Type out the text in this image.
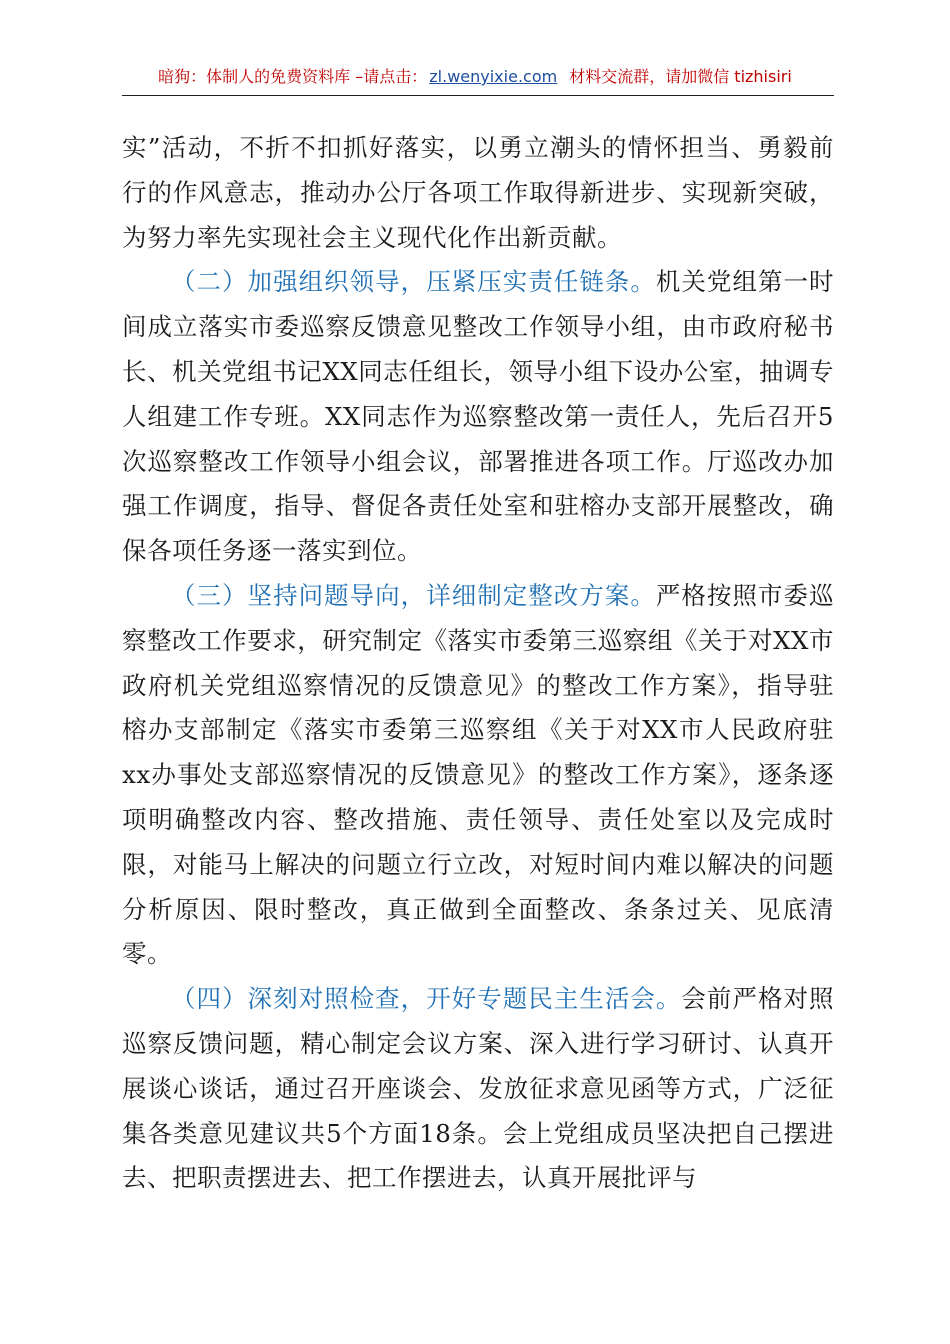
暗狗：体制人的免费资料库 –请点击： zl.wenyixie.com 材料交流群，请加微信 tizhisiri

实”活动，不折不扣抓好落实，以勇立潮头的情怀担当、勇毅前行的作风意志，推动办公厅各项工作取得新进步、实现新突破，为努力率先实现社会主义现代化作出新贡献。

（二）加强组织领导，压紧压实责任链条。机关党组第一时间成立落实市委巡察反馈意见整改工作领导小组，由市政府秘书长、机关党组书记XX同志任组长，领导小组下设办公室，抽调专人组建工作专班。XX同志作为巡察整改第一责任人，先后召开5次巡察整改工作领导小组会议，部署推进各项工作。厅巡改办加强工作调度，指导、督促各责任处室和驻榕办支部开展整改，确保各项任务逐一落实到位。

（三）坚持问题导向，详细制定整改方案。严格按照市委巡察整改工作要求，研究制定《落实市委第三巡察组《关于对XX市政府机关党组巡察情况的反馈意见》的整改工作方案》，指导驻榕办支部制定《落实市委第三巡察组《关于对XX市人民政府驻xx办事处支部巡察情况的反馈意见》的整改工作方案》，逐条逐项明确整改内容、整改措施、责任领导、责任处室以及完成时限，对能马上解决的问题立行立改，对短时间内难以解决的问题分析原因、限时整改，真正做到全面整改、条条过关、见底清零。

（四）深刻对照检查，开好专题民主生活会。会前严格对照巡察反馈问题，精心制定会议方案、深入进行学习研讨、认真开展谈心谈话，通过召开座谈会、发放征求意见函等方式，广泛征集各类意见建议共5个方面18条。会上党组成员坚决把自己摆进去、把职责摆进去、把工作摆进去，认真开展批评与
